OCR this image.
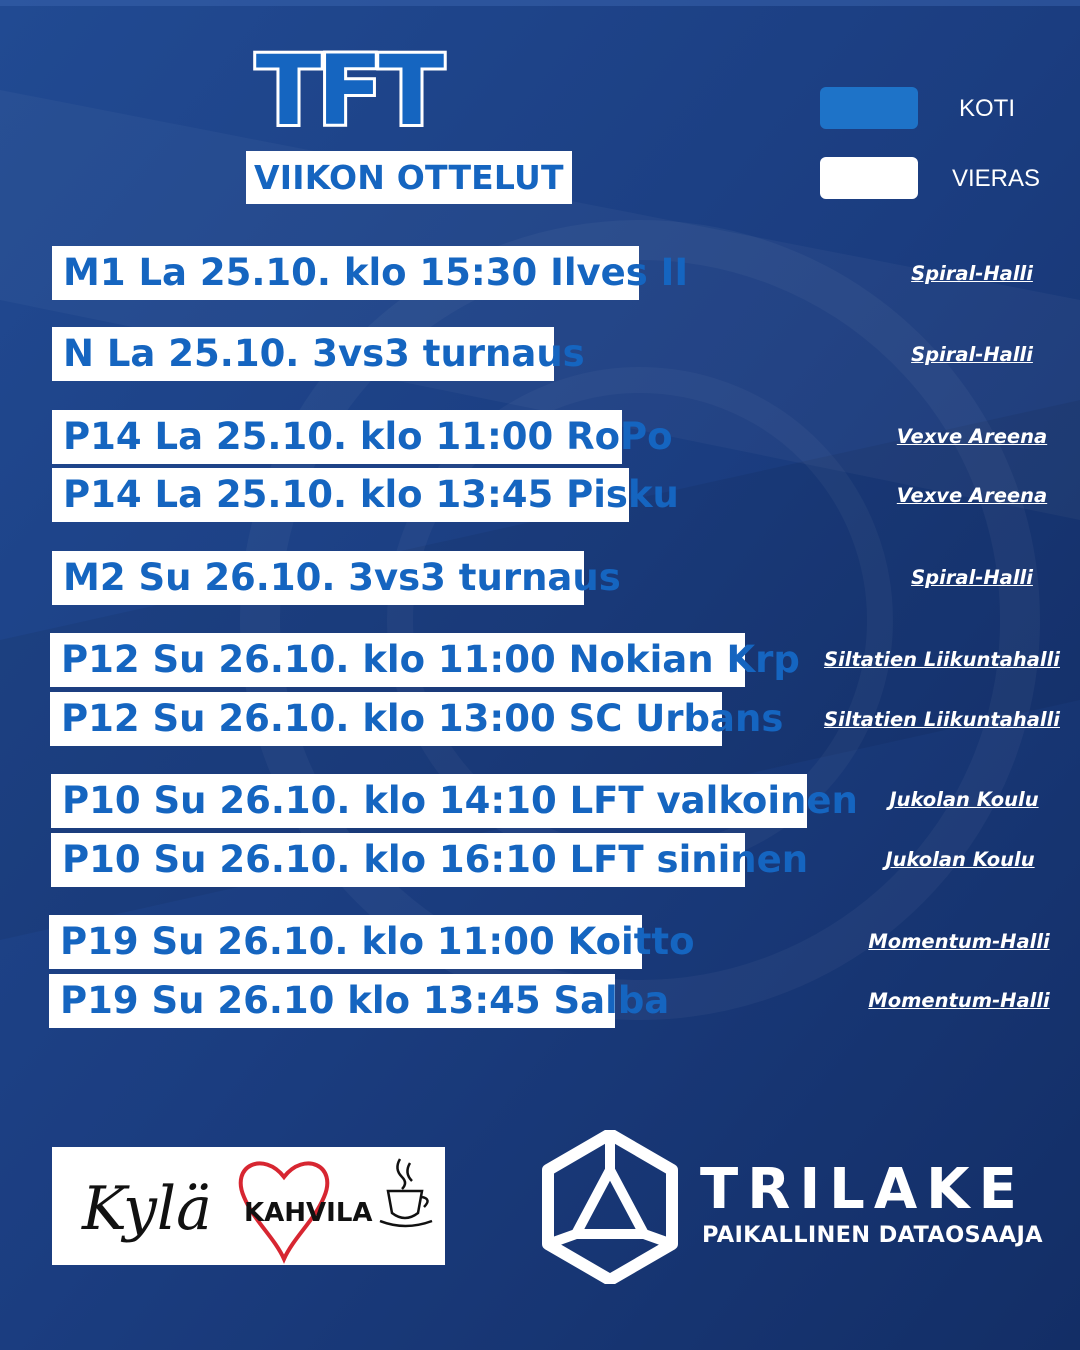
TFT
VIIKON OTTELUT
KOTI
VIERAS
M1 La 25.10. klo 15:30 Ilves II
N La 25.10. 3vs3 turnaus
P14 La 25.10. klo 11:00 RoPo
P14 La 25.10. klo 13:45 Pisku
M2 Su 26.10. 3vs3 turnaus
P12 Su 26.10. klo 11:00 Nokian Krp
P12 Su 26.10. klo 13:00 SC Urbans
P10 Su 26.10. klo 14:10 LFT valkoinen
P10 Su 26.10. klo 16:10 LFT sininen
P19 Su 26.10. klo 11:00 Koitto
P19 Su 26.10 klo 13:45 Salba
Spiral-Halli
Spiral-Halli
Vexve Areena
Vexve Areena
Spiral-Halli
Siltatien Liikuntahalli
Siltatien Liikuntahalli
Jukolan Koulu
Jukolan Koulu
Momentum-Halli
Momentum-Halli
Kylä KAHVILA	TRILAKE
PAIKALLINEN DATAOSAAJA
